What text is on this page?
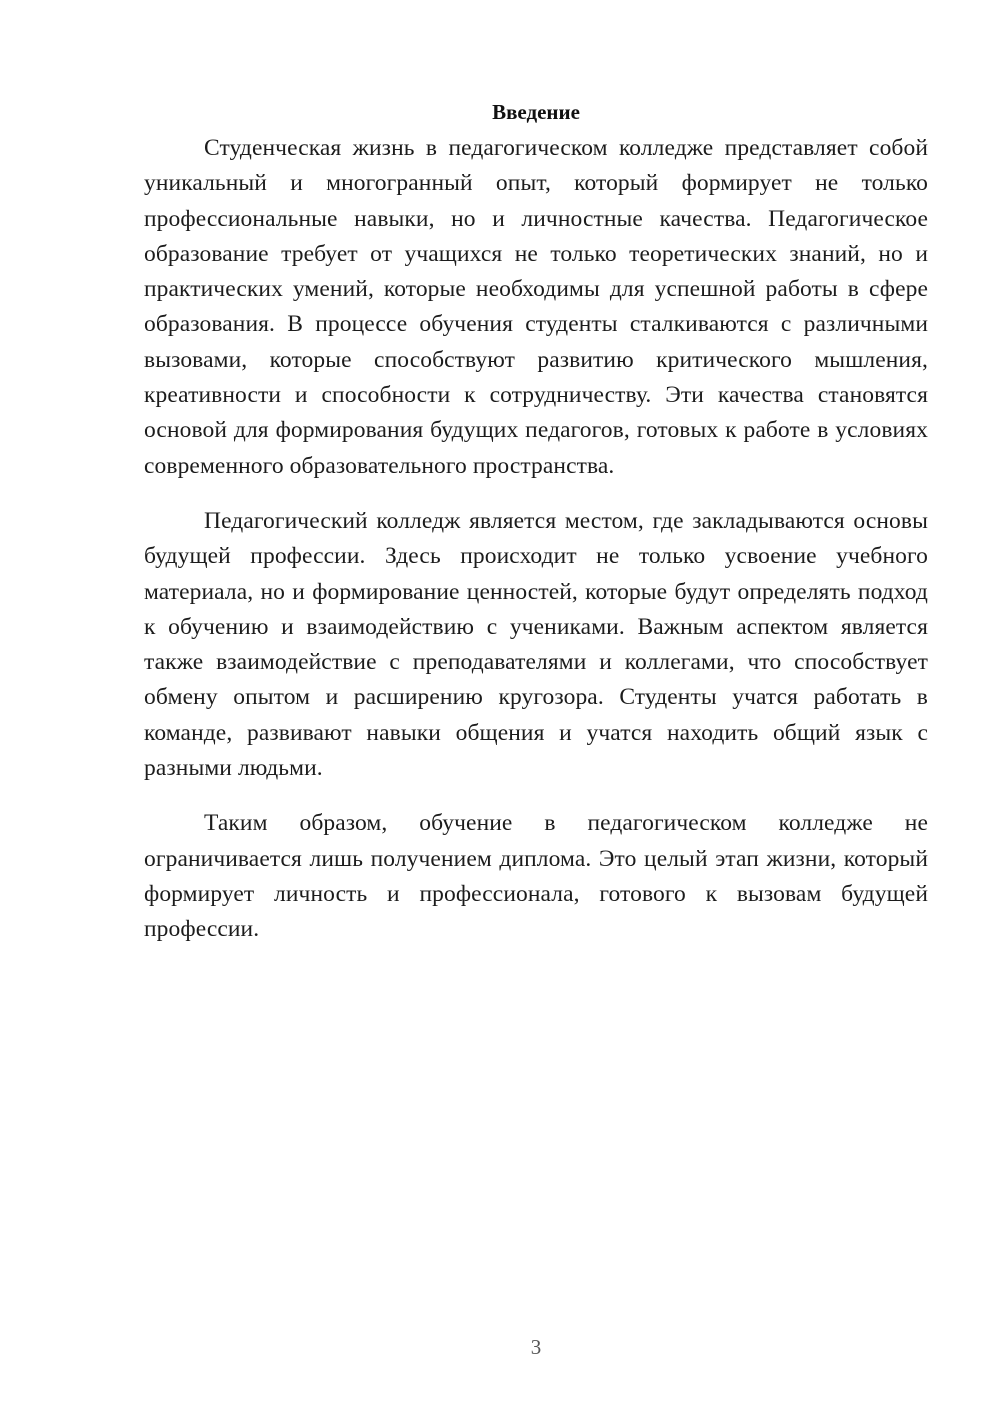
Введение

Студенческая жизнь в педагогическом колледже представляет собой уникальный и многогранный опыт, который формирует не только профессиональные навыки, но и личностные качества. Педагогическое образование требует от учащихся не только теоретических знаний, но и практических умений, которые необходимы для успешной работы в сфере образования. В процессе обучения студенты сталкиваются с различными вызовами, которые способствуют развитию критического мышления, креативности и способности к сотрудничеству. Эти качества становятся основой для формирования будущих педагогов, готовых к работе в условиях современного образовательного пространства.

Педагогический колледж является местом, где закладываются основы будущей профессии. Здесь происходит не только усвоение учебного материала, но и формирование ценностей, которые будут определять подход к обучению и взаимодействию с учениками. Важным аспектом является также взаимодействие с преподавателями и коллегами, что способствует обмену опытом и расширению кругозора. Студенты учатся работать в команде, развивают навыки общения и учатся находить общий язык с разными людьми.

Таким образом, обучение в педагогическом колледже не ограничивается лишь получением диплома. Это целый этап жизни, который формирует личность и профессионала, готового к вызовам будущей профессии.

3
